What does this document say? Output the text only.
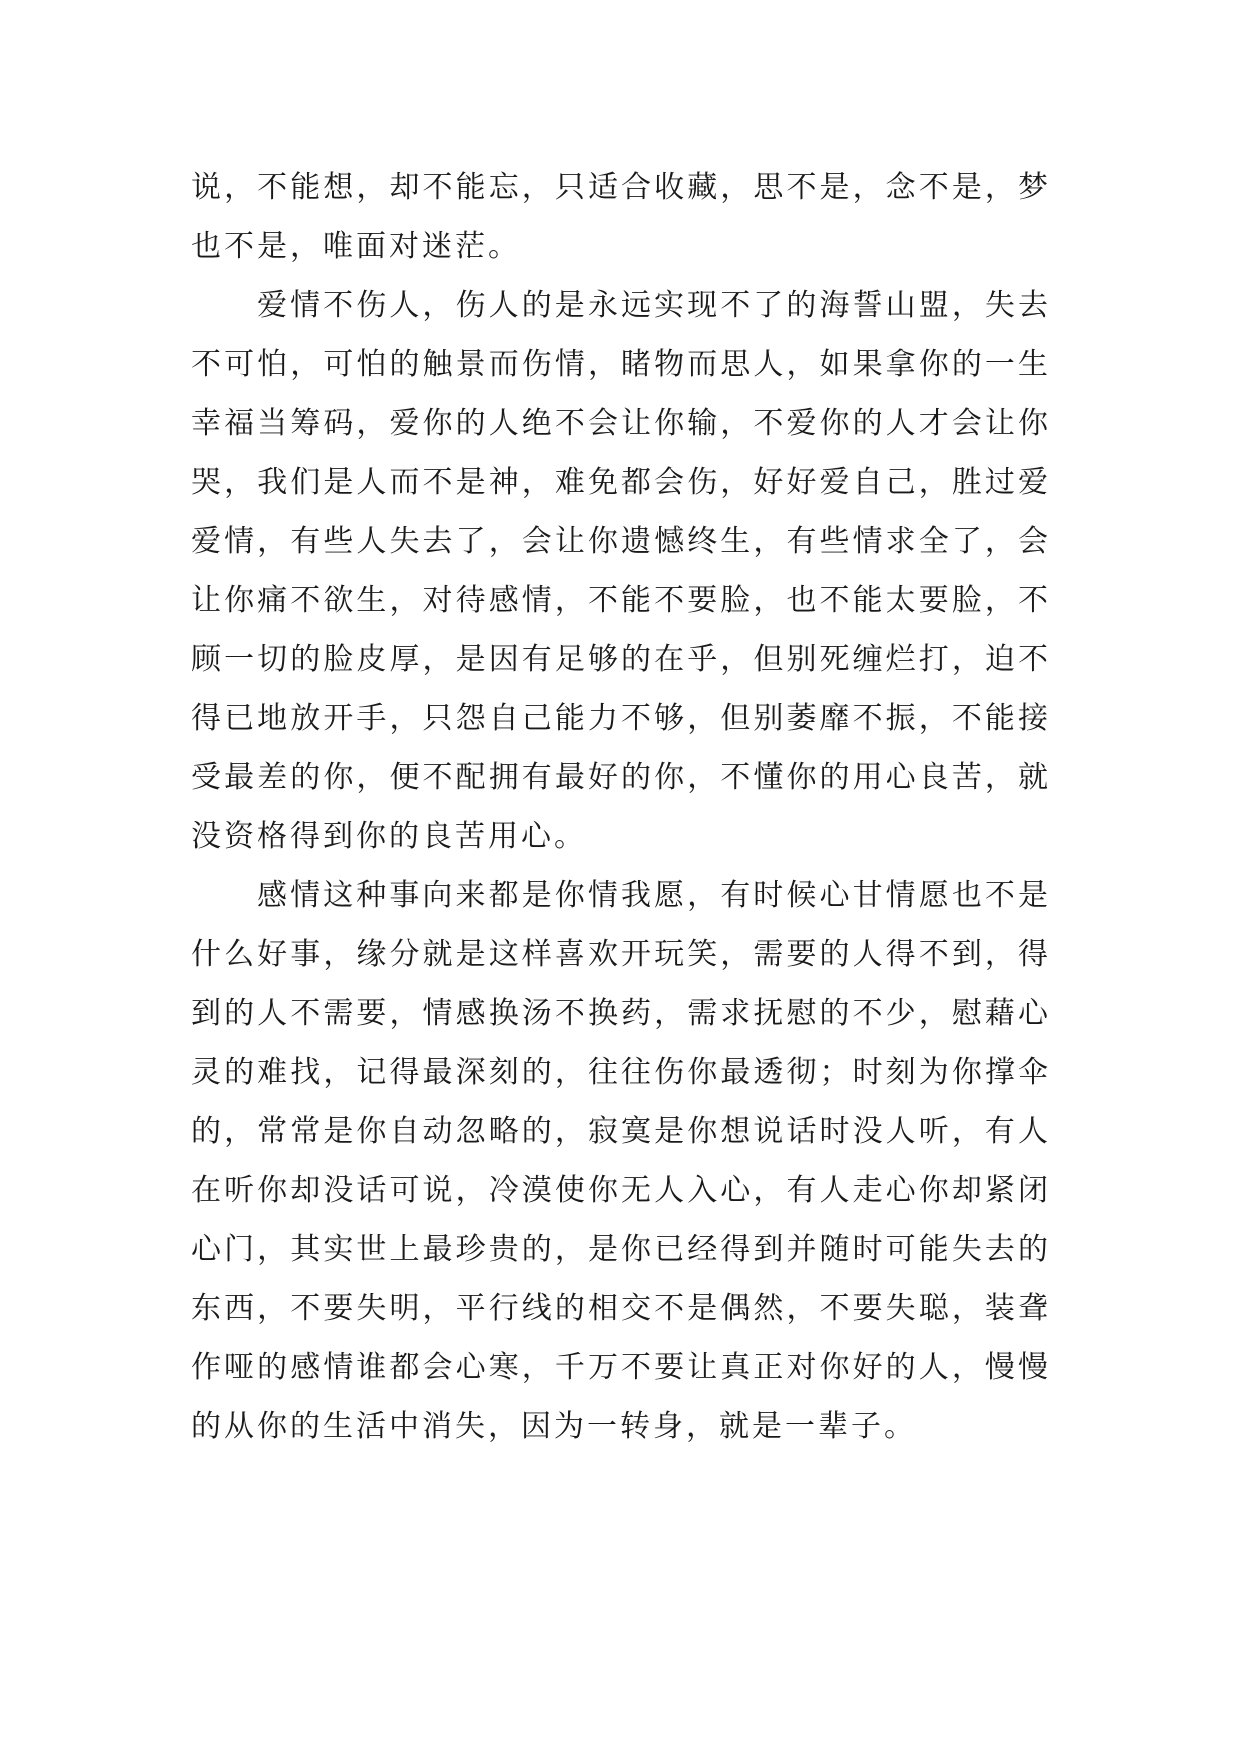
说，不能想，却不能忘，只适合收藏，思不是，念不是，梦也不是，唯面对迷茫。

爱情不伤人，伤人的是永远实现不了的海誓山盟，失去不可怕，可怕的触景而伤情，睹物而思人，如果拿你的一生幸福当筹码，爱你的人绝不会让你输，不爱你的人才会让你哭，我们是人而不是神，难免都会伤，好好爱自己，胜过爱爱情，有些人失去了，会让你遗憾终生，有些情求全了，会让你痛不欲生，对待感情，不能不要脸，也不能太要脸，不顾一切的脸皮厚，是因有足够的在乎，但别死缠烂打，迫不得已地放开手，只怨自己能力不够，但别萎靡不振，不能接受最差的你，便不配拥有最好的你，不懂你的用心良苦，就没资格得到你的良苦用心。

感情这种事向来都是你情我愿，有时候心甘情愿也不是什么好事，缘分就是这样喜欢开玩笑，需要的人得不到，得到的人不需要，情感换汤不换药，需求抚慰的不少，慰藉心灵的难找，记得最深刻的，往往伤你最透彻；时刻为你撑伞的，常常是你自动忽略的，寂寞是你想说话时没人听，有人在听你却没话可说，冷漠使你无人入心，有人走心你却紧闭心门，其实世上最珍贵的，是你已经得到并随时可能失去的东西，不要失明，平行线的相交不是偶然，不要失聪，装聋作哑的感情谁都会心寒，千万不要让真正对你好的人，慢慢的从你的生活中消失，因为一转身，就是一辈子。
